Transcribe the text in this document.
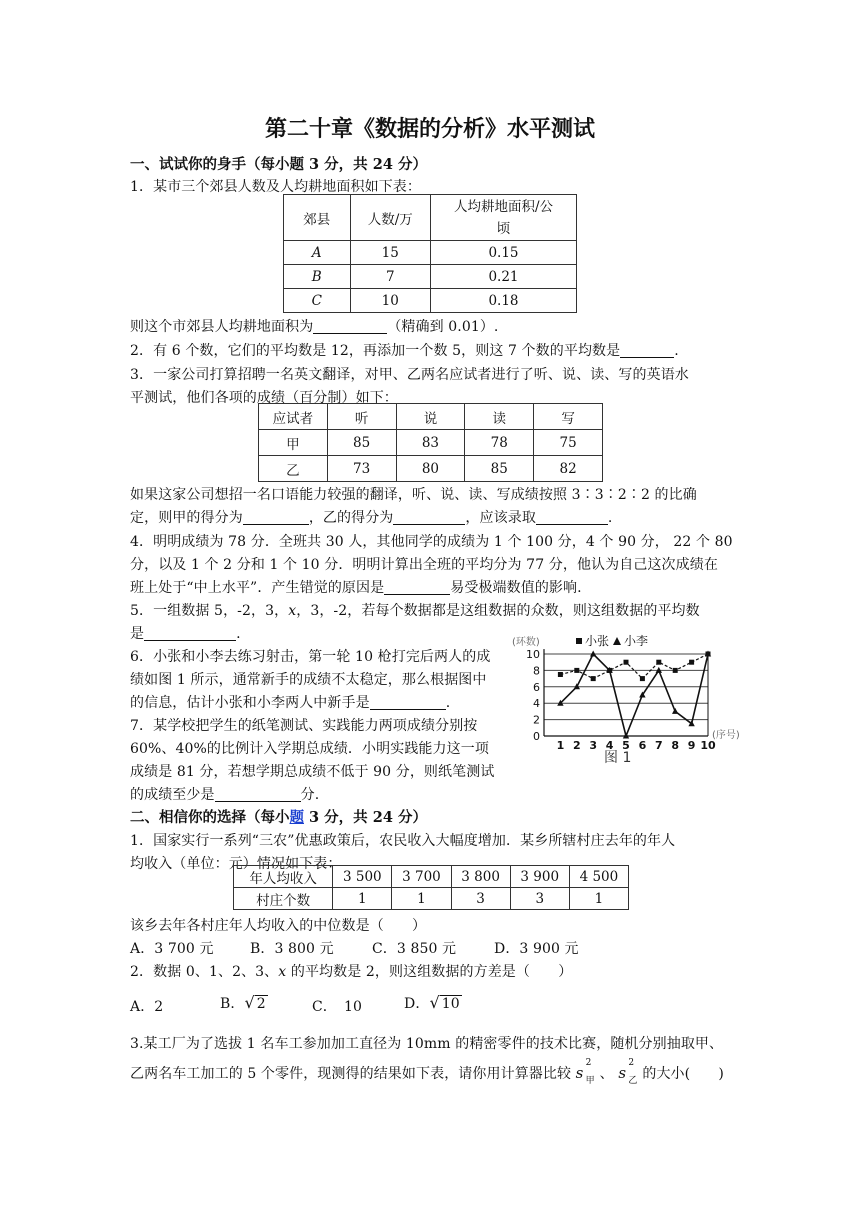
第二十章《数据的分析》水平测试
一、试试你的身手（每小题 3 分，共 24 分）
1．某市三个郊县人数及人均耕地面积如下表：
郊县	人数/万	人均耕地面积/公
顷
A	15	0.15
B	7	0.21
C	10	0.18
则这个市郊县人均耕地面积为	（精确到 0.01）.
2．有 6 个数，它们的平均数是 12，再添加一个数 5，则这 7 个数的平均数是	.
3．一家公司打算招聘一名英文翻译，对甲、乙两名应试者进行了听、说、读、写的英语水
平测试，他们各项的成绩（百分制）如下：
应试者	听	说	读	写
甲	85	83	78	75
乙	73	80	85	82
如果这家公司想招一名口语能力较强的翻译，听、说、读、写成绩按照 3∶3∶2∶2 的比确
定，则甲的得分为	，乙的得分为	，应该录取	.
4．明明成绩为 78 分．全班共 30 人，其他同学的成绩为 1 个 100 分，4 个 90 分， 22 个 80
分，以及 1 个 2 分和 1 个 10 分．明明计算出全班的平均分为 77 分，他认为自己这次成绩在
班上处于“中上水平”．产生错觉的原因是	易受极端数值的影响.
5．一组数据 5，-2，3，x，3，-2，若每个数据都是这组数据的众数，则这组数据的平均数
是	.
6．小张和小李去练习射击，第一轮 10 枪打完后两人的成
绩如图 1 所示，通常新手的成绩不太稳定，那么根据图中
的信息，估计小张和小李两人中新手是	.
7．某学校把学生的纸笔测试、实践能力两项成绩分别按
60%、40%的比例计入学期总成绩．小明实践能力这一项
成绩是 81 分，若想学期总成绩不低于 90 分，则纸笔测试
的成绩至少是	分.
0
2
4
6
8
10
1 2 3 4 5 6 7 8 9 10
(环数)
(序号)
图 1
小张 小李
二、相信你的选择（每小题 3 分，共 24 分）
1．国家实行一系列“三农”优惠政策后，农民收入大幅度增加．某乡所辖村庄去年的年人
均收入（单位：元）情况如下表：
年人均收入	3 500	3 700	3 800	3 900	4 500
村庄个数	1	1	3	3	1
该乡去年各村庄年人均收入的中位数是（　　）
A．3 700 元	B．3 800 元	C．3 850 元	D．3 900 元
2．数据 0、1、2、3、x 的平均数是 2，则这组数据的方差是（　　）
A．2	B．√ 2	C．　10	D．√ 10
3.某工厂为了选拔 1 名车工参加加工直径为 10mm 的精密零件的技术比赛，随机分别抽取甲、
乙两名车工加工的 5 个零件，现测得的结果如下表，请你用计算器比较 s
2
甲 、 s
2
乙 的大小(　　)
